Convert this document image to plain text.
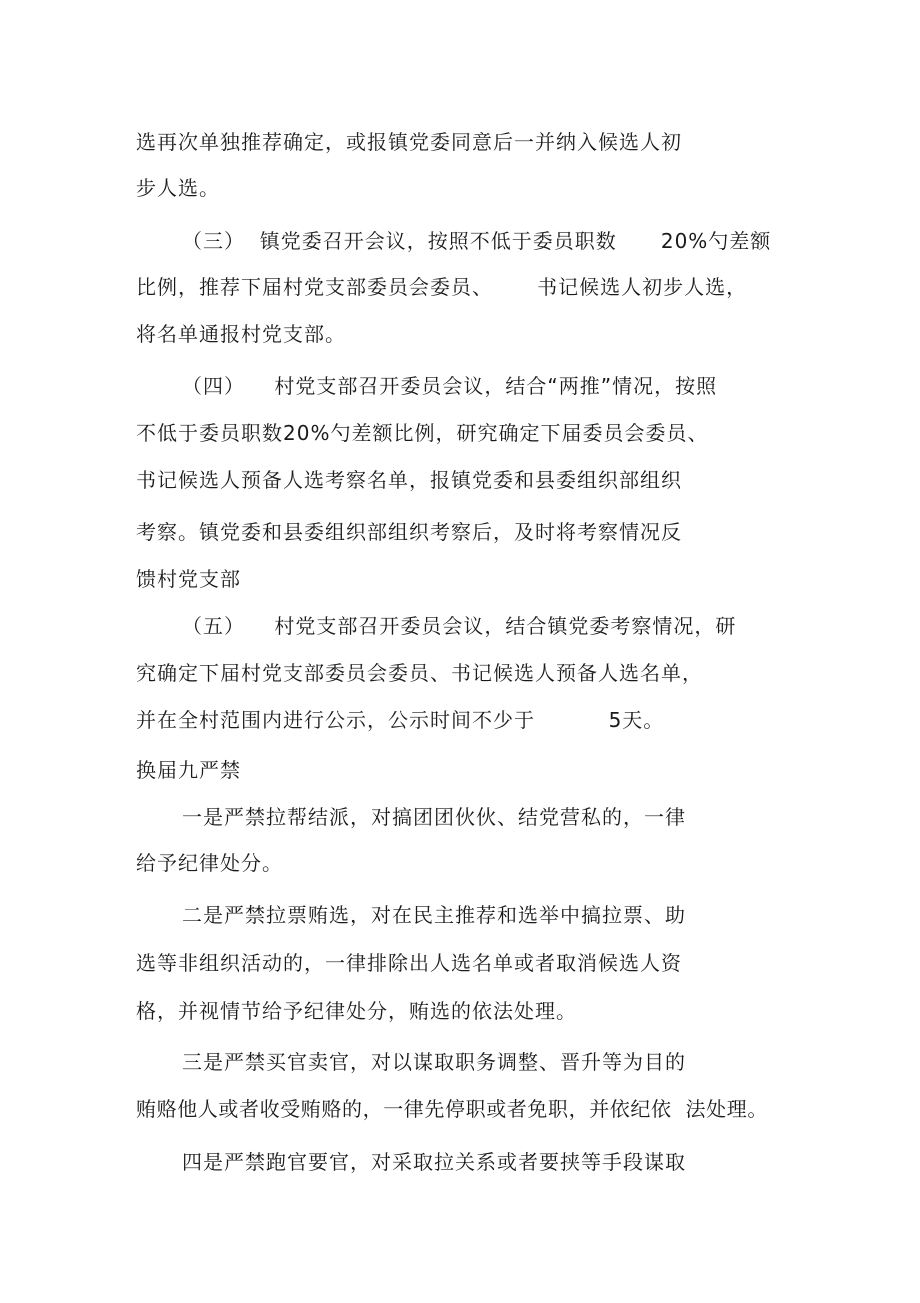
选再次单独推荐确定，或报镇党委同意后一并纳入候选人初
步人选。
（三）  镇党委召开会议，按照不低于委员职数      20%勺差额
比例，推荐下届村党支部委员会委员、      书记候选人初步人选，
将名单通报村党支部。
（四）    村党支部召开委员会议，结合“两推”情况，按照
不低于委员职数20%勺差额比例，研究确定下届委员会委员、
书记候选人预备人选考察名单，报镇党委和县委组织部组织
考察。镇党委和县委组织部组织考察后，及时将考察情况反
馈村党支部
（五）    村党支部召开委员会议，结合镇党委考察情况，研
究确定下届村党支部委员会委员、书记候选人预备人选名单，
并在全村范围内进行公示，公示时间不少于          5天。
换届九严禁
一是严禁拉帮结派，对搞团团伙伙、结党营私的，一律
给予纪律处分。
二是严禁拉票贿选，对在民主推荐和选举中搞拉票、助
选等非组织活动的，一律排除出人选名单或者取消候选人资
格，并视情节给予纪律处分，贿选的依法处理。
三是严禁买官卖官，对以谋取职务调整、晋升等为目的
贿赂他人或者收受贿赂的，一律先停职或者免职，并依纪依  法处理。
四是严禁跑官要官，对采取拉关系或者要挟等手段谋取
